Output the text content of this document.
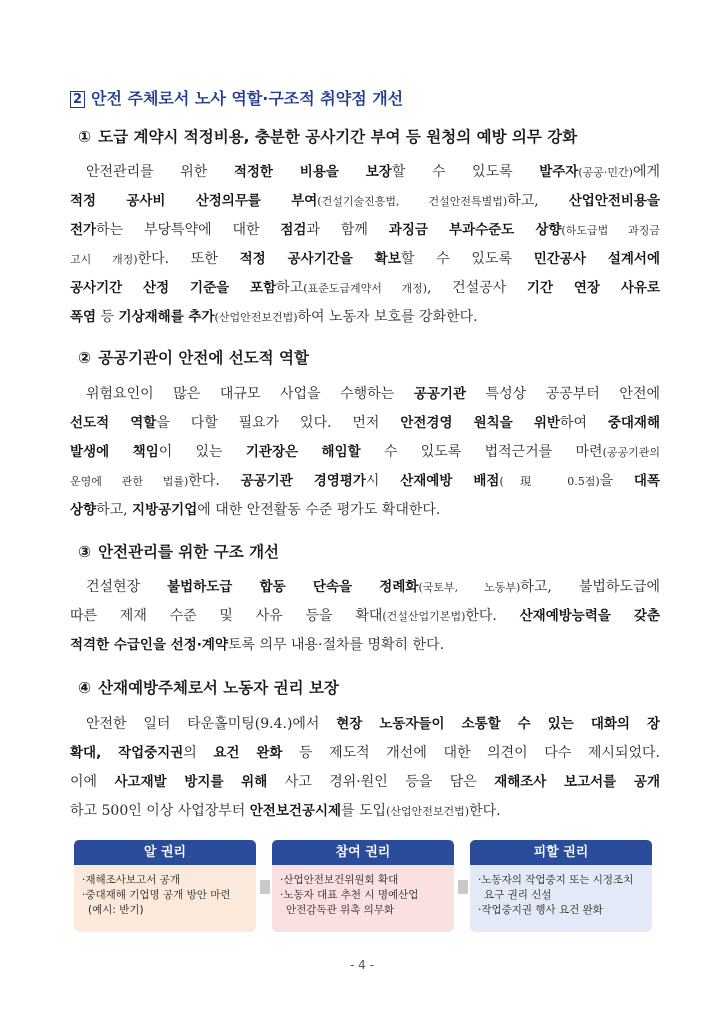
2 안전 주체로서 노사 역할·구조적 취약점 개선
① 도급 계약시 적정비용, 충분한 공사기간 부여 등 원청의 예방 의무 강화
안전관리를 위한 적정한 비용을 보장할 수 있도록 발주자(공공·민간)에게
적정 공사비 산정의무를 부여(건설기술진흥법, 건설안전특별법)하고, 산업안전비용을
전가하는 부당특약에 대한 점검과 함께 과징금 부과수준도 상향(하도급법 과징금
고시 개정)한다. 또한 적정 공사기간을 확보할 수 있도록 민간공사 설계서에
공사기간 산정 기준을 포함하고(표준도급계약서 개정), 건설공사 기간 연장 사유로
폭염 등 기상재해를 추가(산업안전보건법)하여 노동자 보호를 강화한다.
② 공공기관이 안전에 선도적 역할
위험요인이 많은 대규모 사업을 수행하는 공공기관 특성상 공공부터 안전에
선도적 역할을 다할 필요가 있다. 먼저 안전경영 원칙을 위반하여 중대재해
발생에 책임이 있는 기관장은 해임할 수 있도록 법적근거를 마련(공공기관의
운영에 관한 법률)한다. 공공기관 경영평가시 산재예방 배점(現 0.5점)을 대폭
상향하고, 지방공기업에 대한 안전활동 수준 평가도 확대한다.
③ 안전관리를 위한 구조 개선
건설현장 불법하도급 합동 단속을 정례화(국토부, 노동부)하고, 불법하도급에
따른 제재 수준 및 사유 등을 확대(건설산업기본법)한다. 산재예방능력을 갖춘
적격한 수급인을 선정·계약토록 의무 내용·절차를 명확히 한다.
④ 산재예방주체로서 노동자 권리 보장
안전한 일터 타운홀미팅(9.4.)에서 현장 노동자들이 소통할 수 있는 대화의 장
확대, 작업중지권의 요건 완화 등 제도적 개선에 대한 의견이 다수 제시되었다.
이에 사고재발 방지를 위해 사고 경위·원인 등을 담은 재해조사 보고서를 공개
하고 500인 이상 사업장부터 안전보건공시제를 도입(산업안전보건법)한다.
알 권리
·재해조사보고서 공개
·중대재해 기업명 공개 방안 마련
(예시: 반기)
참여 권리
·산업안전보건위원회 확대
·노동자 대표 추천 시 명예산업
안전감독관 위촉 의무화
피할 권리
·노동자의 작업중지 또는 시정조치
요구 권리 신설
·작업중지권 행사 요건 완화
- 4 -
